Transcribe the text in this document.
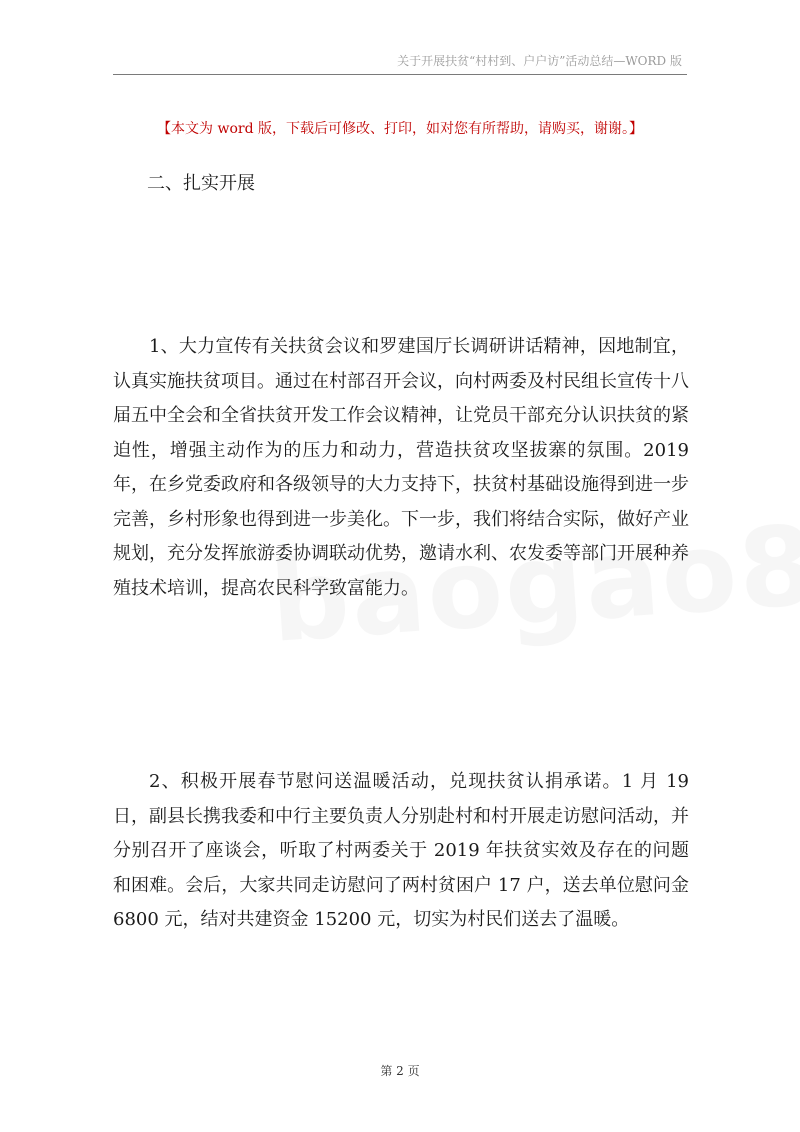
关于开展扶贫“村村到、户户访”活动总结—WORD 版
【本文为 word 版，下载后可修改、打印，如对您有所帮助，请购买，谢谢。】
二、扎实开展

1、大力宣传有关扶贫会议和罗建国厅长调研讲话精神，因地制宜，认真实施扶贫项目。通过在村部召开会议，向村两委及村民组长宣传十八届五中全会和全省扶贫开发工作会议精神，让党员干部充分认识扶贫的紧迫性，增强主动作为的压力和动力，营造扶贫攻坚拔寨的氛围。2019 年，在乡党委政府和各级领导的大力支持下，扶贫村基础设施得到进一步完善，乡村形象也得到进一步美化。下一步，我们将结合实际，做好产业规划，充分发挥旅游委协调联动优势，邀请水利、农发委等部门开展种养殖技术培训，提高农民科学致富能力。

2、积极开展春节慰问送温暖活动，兑现扶贫认捐承诺。1 月 19 日，副县长携我委和中行主要负责人分别赴村和村开展走访慰问活动，并分别召开了座谈会，听取了村两委关于 2019 年扶贫实效及存在的问题和困难。会后，大家共同走访慰问了两村贫困户 17 户，送去单位慰问金 6800 元，结对共建资金 15200 元，切实为村民们送去了温暖。

第 2 页
